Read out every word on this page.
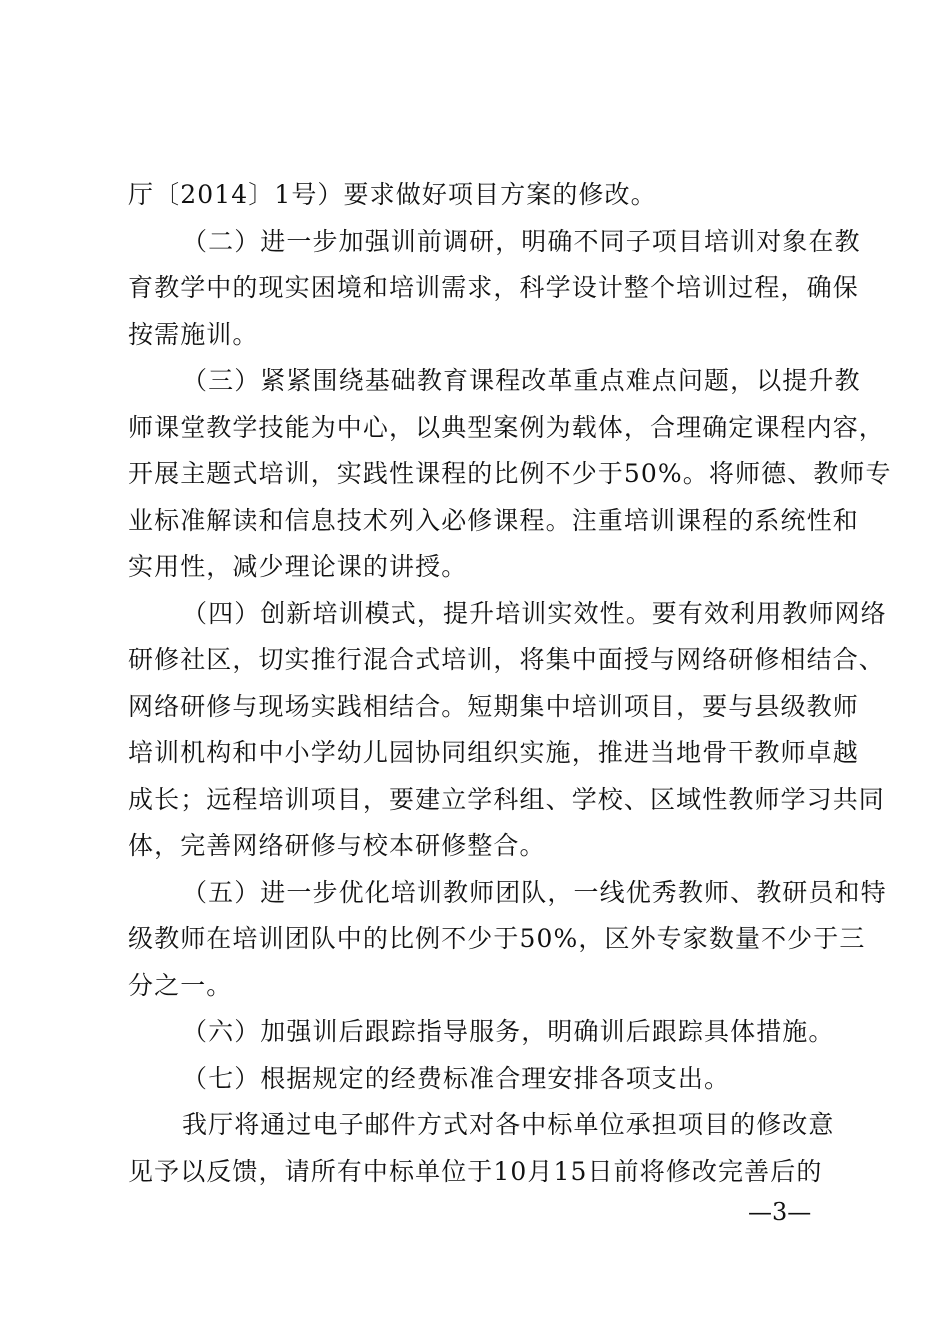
厅〔2014〕1号）要求做好项目方案的修改。
（二）进一步加强训前调研，明确不同子项目培训对象在教
育教学中的现实困境和培训需求，科学设计整个培训过程，确保
按需施训。
（三）紧紧围绕基础教育课程改革重点难点问题，以提升教
师课堂教学技能为中心，以典型案例为载体，合理确定课程内容，
开展主题式培训，实践性课程的比例不少于50%。将师德、教师专
业标准解读和信息技术列入必修课程。注重培训课程的系统性和
实用性，减少理论课的讲授。
（四）创新培训模式，提升培训实效性。要有效利用教师网络
研修社区，切实推行混合式培训，将集中面授与网络研修相结合、
网络研修与现场实践相结合。短期集中培训项目，要与县级教师
培训机构和中小学幼儿园协同组织实施，推进当地骨干教师卓越
成长；远程培训项目，要建立学科组、学校、区域性教师学习共同
体，完善网络研修与校本研修整合。
（五）进一步优化培训教师团队，一线优秀教师、教研员和特
级教师在培训团队中的比例不少于50%，区外专家数量不少于三
分之一。
（六）加强训后跟踪指导服务，明确训后跟踪具体措施。
（七）根据规定的经费标准合理安排各项支出。
我厅将通过电子邮件方式对各中标单位承担项目的修改意
见予以反馈，请所有中标单位于10月15日前将修改完善后的
—3—
